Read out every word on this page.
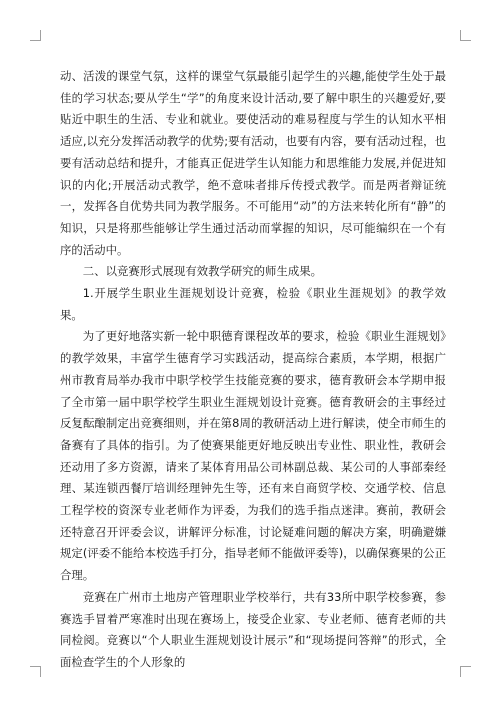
动、活泼的课堂气氛，这样的课堂气氛最能引起学生的兴趣,能使学生处于最佳的学习状态;要从学生“学”的角度来设计活动,要了解中职生的兴趣爱好,要贴近中职生的生活、专业和就业。要使活动的难易程度与学生的认知水平相适应,以充分发挥活动教学的优势;要有活动，也要有内容，要有活动过程，也要有活动总结和提升，才能真正促进学生认知能力和思维能力发展,并促进知识的内化;开展活动式教学，绝不意味者排斥传授式教学。而是两者辩证统一，发挥各自优势共同为教学服务。不可能用“动”的方法来转化所有“静”的知识，只是将那些能够让学生通过活动而掌握的知识，尽可能编织在一个有序的活动中。

二、以竞赛形式展现有效教学研究的师生成果。

1.开展学生职业生涯规划设计竞赛，检验《职业生涯规划》的教学效果。

为了更好地落实新一轮中职德育课程改革的要求，检验《职业生涯规划》的教学效果，丰富学生德育学习实践活动，提高综合素质，本学期，根据广州市教育局举办我市中职学校学生技能竞赛的要求，德育教研会本学期申报了全市第一届中职学校学生职业生涯规划设计竞赛。德育教研会的主事经过反复酝酿制定出竞赛细则，并在第8周的教研活动上进行解读，使全市师生的备赛有了具体的指引。为了使赛果能更好地反映出专业性、职业性，教研会还动用了多方资源，请来了某体育用品公司林副总裁、某公司的人事部秦经理、某连锁西餐厅培训经理钟先生等，还有来自商贸学校、交通学校、信息工程学校的资深专业老师作为评委，为我们的选手指点迷津。赛前，教研会还特意召开评委会议，讲解评分标准，讨论疑难问题的解决方案，明确避嫌规定(评委不能给本校选手打分，指导老师不能做评委等)，以确保赛果的公正合理。

竞赛在广州市土地房产管理职业学校举行，共有33所中职学校参赛，参赛选手冒着严寒准时出现在赛场上，接受企业家、专业老师、德育老师的共同检阅。竞赛以“个人职业生涯规划设计展示”和“现场提问答辩”的形式，全面检查学生的个人形象的
